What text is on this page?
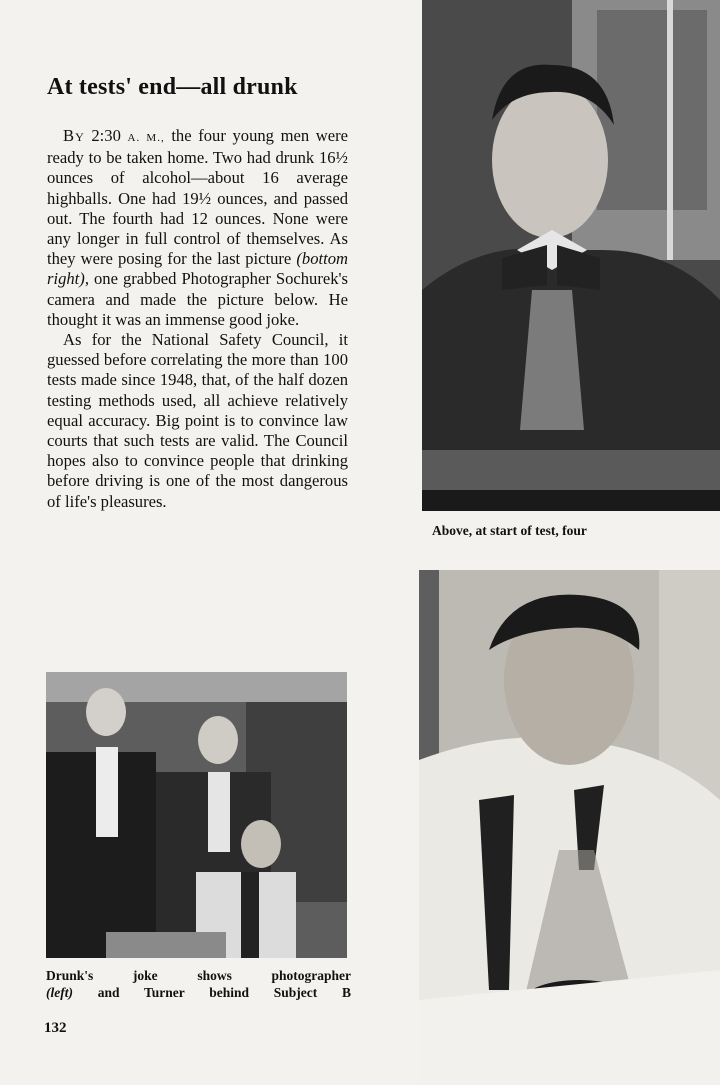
At tests' end—all drunk

By 2:30 A. M., the four young men were ready to be taken home. Two had drunk 16½ ounces of alcohol—about 16 average highballs. One had 19½ ounces, and passed out. The fourth had 12 ounces. None were any longer in full control of themselves. As they were posing for the last picture (bottom right), one grabbed Photographer Sochurek's camera and made the picture below. He thought it was an immense good joke.

As for the National Safety Council, it guessed before correlating the more than 100 tests made since 1948, that, of the half dozen testing methods used, all achieve relatively equal accuracy. Big point is to convince law courts that such tests are valid. The Council hopes also to convince people that drinking before driving is one of the most dangerous of life's pleasures.

Above, at start of test, four
Drunk's joke shows photographer
(left) and Turner behind Subject B
132
